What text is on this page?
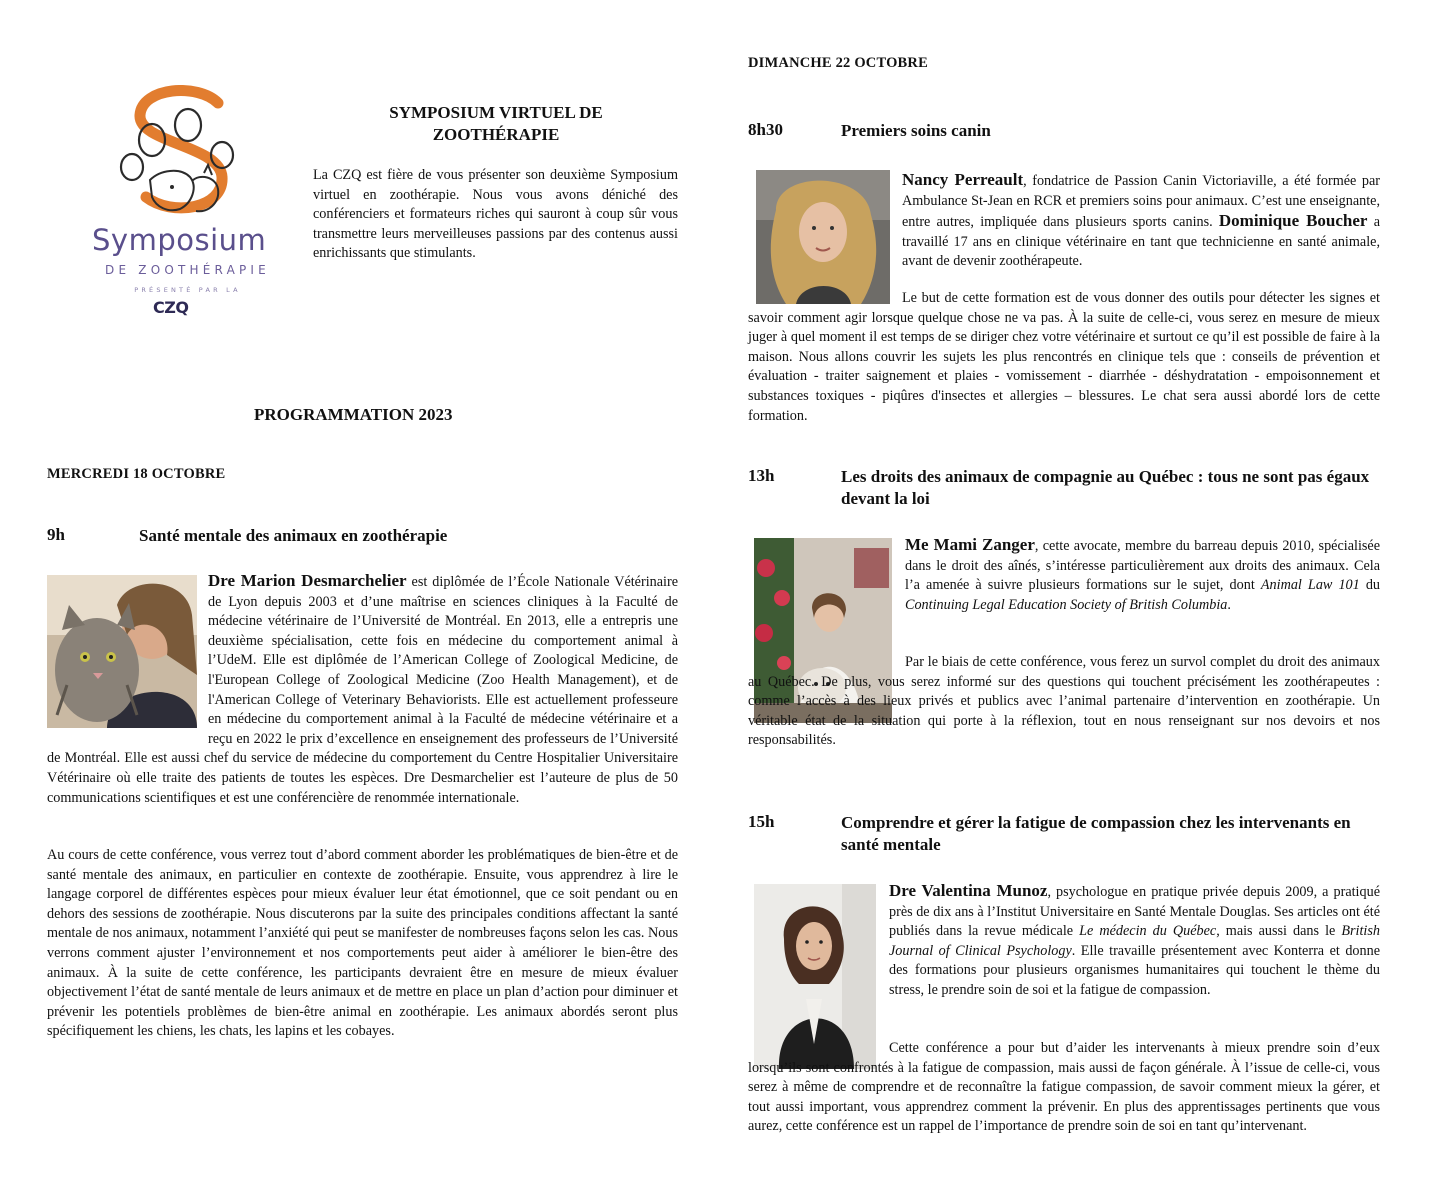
Symposium
DE ZOOTHÉRAPIE
PRÉSENTÉ PAR LA
CZQ
SYMPOSIUM VIRTUEL DE ZOOTHÉRAPIE
La CZQ est fière de vous présenter son deuxième Symposium virtuel en zoothérapie. Nous vous avons déniché des conférenciers et formateurs riches qui sauront à coup sûr vous transmettre leurs merveilleuses passions par des contenus aussi enrichissants que stimulants.
PROGRAMMATION 2023
MERCREDI 18 OCTOBRE
9h	Santé mentale des animaux en zoothérapie
Dre Marion Desmarchelier est diplômée de l’École Nationale Vétérinaire de Lyon depuis 2003 et d’une maîtrise en sciences cliniques à la Faculté de médecine vétérinaire de l’Université de Montréal. En 2013, elle a entrepris une deuxième spécialisation, cette fois en médecine du comportement animal à l’UdeM. Elle est diplômée de l’American College of Zoological Medicine, de l'European College of Zoological Medicine (Zoo Health Management), et de l'American College of Veterinary Behaviorists. Elle est actuellement professeure en médecine du comportement animal à la Faculté de médecine vétérinaire et a reçu en 2022 le prix d’excellence en enseignement des professeurs de l’Université de Montréal. Elle est aussi chef du service de médecine du comportement du Centre Hospitalier Universitaire Vétérinaire où elle traite des patients de toutes les espèces. Dre Desmarchelier est l’auteure de plus de 50 communications scientifiques et est une conférencière de renommée internationale.
Au cours de cette conférence, vous verrez tout d’abord comment aborder les problématiques de bien-être et de santé mentale des animaux, en particulier en contexte de zoothérapie. Ensuite, vous apprendrez à lire le langage corporel de différentes espèces pour mieux évaluer leur état émotionnel, que ce soit pendant ou en dehors des sessions de zoothérapie. Nous discuterons par la suite des principales conditions affectant la santé mentale de nos animaux, notamment l’anxiété qui peut se manifester de nombreuses façons selon les cas. Nous verrons comment ajuster l’environnement et nos comportements peut aider à améliorer le bien-être des animaux. À la suite de cette conférence, les participants devraient être en mesure de mieux évaluer objectivement l’état de santé mentale de leurs animaux et de mettre en place un plan d’action pour diminuer et prévenir les potentiels problèmes de bien-être animal en zoothérapie. Les animaux abordés seront plus spécifiquement les chiens, les chats, les lapins et les cobayes.
DIMANCHE 22 OCTOBRE
8h30	Premiers soins canin
Nancy Perreault, fondatrice de Passion Canin Victoriaville, a été formée par Ambulance St-Jean en RCR et premiers soins pour animaux. C’est une enseignante, entre autres, impliquée dans plusieurs sports canins. Dominique Boucher a travaillé 17 ans en clinique vétérinaire en tant que technicienne en santé animale, avant de devenir zoothérapeute.
Le but de cette formation est de vous donner des outils pour détecter les signes et savoir comment agir lorsque quelque chose ne va pas. À la suite de celle-ci, vous serez en mesure de mieux juger à quel moment il est temps de se diriger chez votre vétérinaire et surtout ce qu’il est possible de faire à la maison. Nous allons couvrir les sujets les plus rencontrés en clinique tels que : conseils de prévention et évaluation - traiter saignement et plaies - vomissement - diarrhée - déshydratation - empoisonnement et substances toxiques - piqûres d'insectes et allergies – blessures. Le chat sera aussi abordé lors de cette formation.
13h	Les droits des animaux de compagnie au Québec : tous ne sont pas égaux devant la loi
Me Mami Zanger, cette avocate, membre du barreau depuis 2010, spécialisée dans le droit des aînés, s’intéresse particulièrement aux droits des animaux. Cela l’a amenée à suivre plusieurs formations sur le sujet, dont Animal Law 101 du Continuing Legal Education Society of British Columbia.
Par le biais de cette conférence, vous ferez un survol complet du droit des animaux au Québec. De plus, vous serez informé sur des questions qui touchent précisément les zoothérapeutes : comme l’accès à des lieux privés et publics avec l’animal partenaire d’intervention en zoothérapie. Un véritable état de la situation qui porte à la réflexion, tout en nous renseignant sur nos devoirs et nos responsabilités.
15h	Comprendre et gérer la fatigue de compassion chez les intervenants en santé mentale
Dre Valentina Munoz, psychologue en pratique privée depuis 2009, a pratiqué près de dix ans à l’Institut Universitaire en Santé Mentale Douglas. Ses articles ont été publiés dans la revue médicale Le médecin du Québec, mais aussi dans le British Journal of Clinical Psychology. Elle travaille présentement avec Konterra et donne des formations pour plusieurs organismes humanitaires qui touchent le thème du stress, le prendre soin de soi et la fatigue de compassion.
Cette conférence a pour but d’aider les intervenants à mieux prendre soin d’eux lorsqu’ils sont confrontés à la fatigue de compassion, mais aussi de façon générale. À l’issue de celle-ci, vous serez à même de comprendre et de reconnaître la fatigue compassion, de savoir comment mieux la gérer, et tout aussi important, vous apprendrez comment la prévenir. En plus des apprentissages pertinents que vous aurez, cette conférence est un rappel de l’importance de prendre soin de soi en tant qu’intervenant.
